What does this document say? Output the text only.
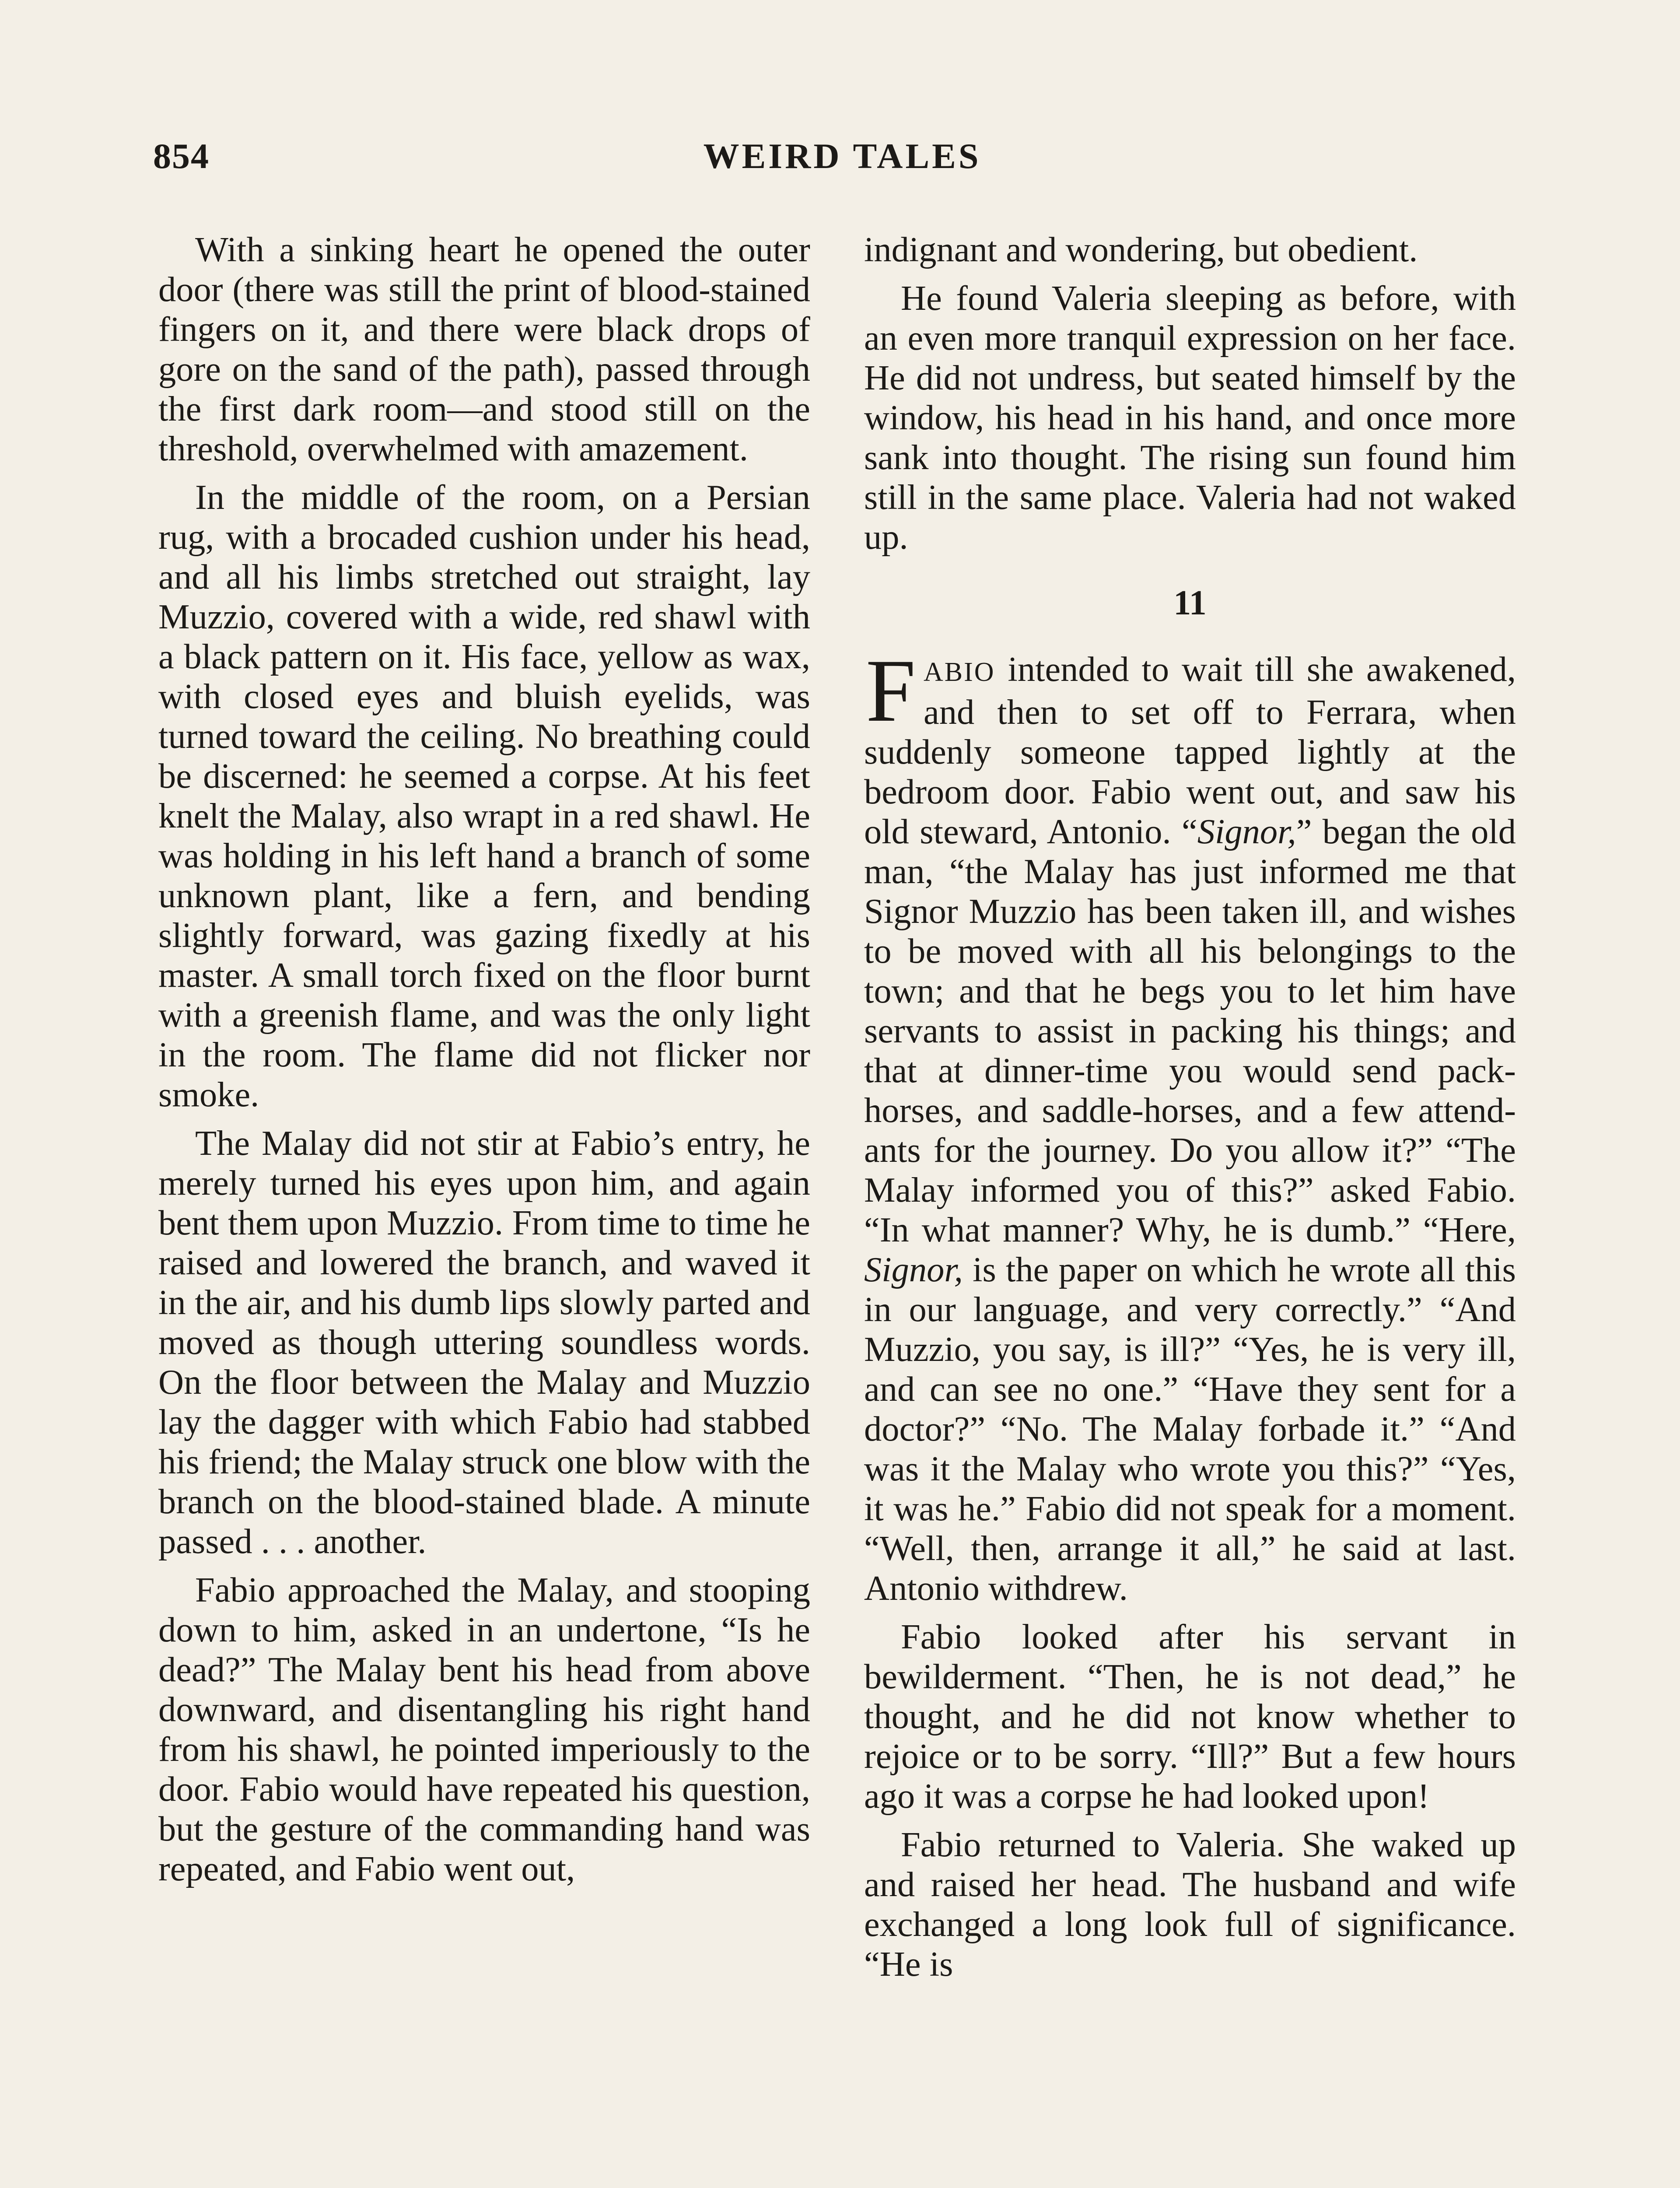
854	WEIRD TALES

With a sinking heart he opened the outer door (there was still the print of blood-stained fingers on it, and there were black drops of gore on the sand of the path), passed through the first dark room—and stood still on the threshold, overwhelmed with amazement.

In the middle of the room, on a Persian rug, with a brocaded cushion under his head, and all his limbs stretched out straight, lay Muzzio, covered with a wide, red shawl with a black pattern on it. His face, yellow as wax, with closed eyes and bluish eyelids, was turned toward the ceiling. No breathing could be discerned: he seemed a corpse. At his feet knelt the Malay, also wrapt in a red shawl. He was holding in his left hand a branch of some unknown plant, like a fern, and bending slightly forward, was gazing fixedly at his master. A small torch fixed on the floor burnt with a greenish flame, and was the only light in the room. The flame did not flicker nor smoke.

The Malay did not stir at Fabio’s entry, he merely turned his eyes upon him, and again bent them upon Muzzio. From time to time he raised and lowered the branch, and waved it in the air, and his dumb lips slowly parted and moved as though uttering soundless words. On the floor between the Malay and Muzzio lay the dagger with which Fabio had stabbed his friend; the Malay struck one blow with the branch on the blood-stained blade. A minute passed . . . another.

Fabio approached the Malay, and stooping down to him, asked in an undertone, “Is he dead?” The Malay bent his head from above downward, and disentangling his right hand from his shawl, he pointed imperiously to the door. Fabio would have repeated his question, but the gesture of the commanding hand was repeated, and Fabio went out,

indignant and wondering, but obedient.

He found Valeria sleeping as before, with an even more tranquil expression on her face. He did not undress, but seated himself by the window, his head in his hand, and once more sank into thought. The rising sun found him still in the same place. Valeria had not waked up.

11

FABIO intended to wait till she awakened, and then to set off to Ferrara, when suddenly someone tapped lightly at the bedroom door. Fabio went out, and saw his old steward, Antonio. “Signor,” began the old man, “the Malay has just informed me that Signor Muzzio has been taken ill, and wishes to be moved with all his belongings to the town; and that he begs you to let him have servants to assist in packing his things; and that at dinner-time you would send pack-horses, and saddle-horses, and a few attendants for the journey. Do you allow it?” “The Malay informed you of this?” asked Fabio. “In what manner? Why, he is dumb.” “Here, Signor, is the paper on which he wrote all this in our language, and very correctly.” “And Muzzio, you say, is ill?” “Yes, he is very ill, and can see no one.” “Have they sent for a doctor?” “No. The Malay forbade it.” “And was it the Malay who wrote you this?” “Yes, it was he.” Fabio did not speak for a moment. “Well, then, arrange it all,” he said at last. Antonio withdrew.

Fabio looked after his servant in bewilderment. “Then, he is not dead,” he thought, and he did not know whether to rejoice or to be sorry. “Ill?” But a few hours ago it was a corpse he had looked upon!

Fabio returned to Valeria. She waked up and raised her head. The husband and wife exchanged a long look full of significance. “He is
